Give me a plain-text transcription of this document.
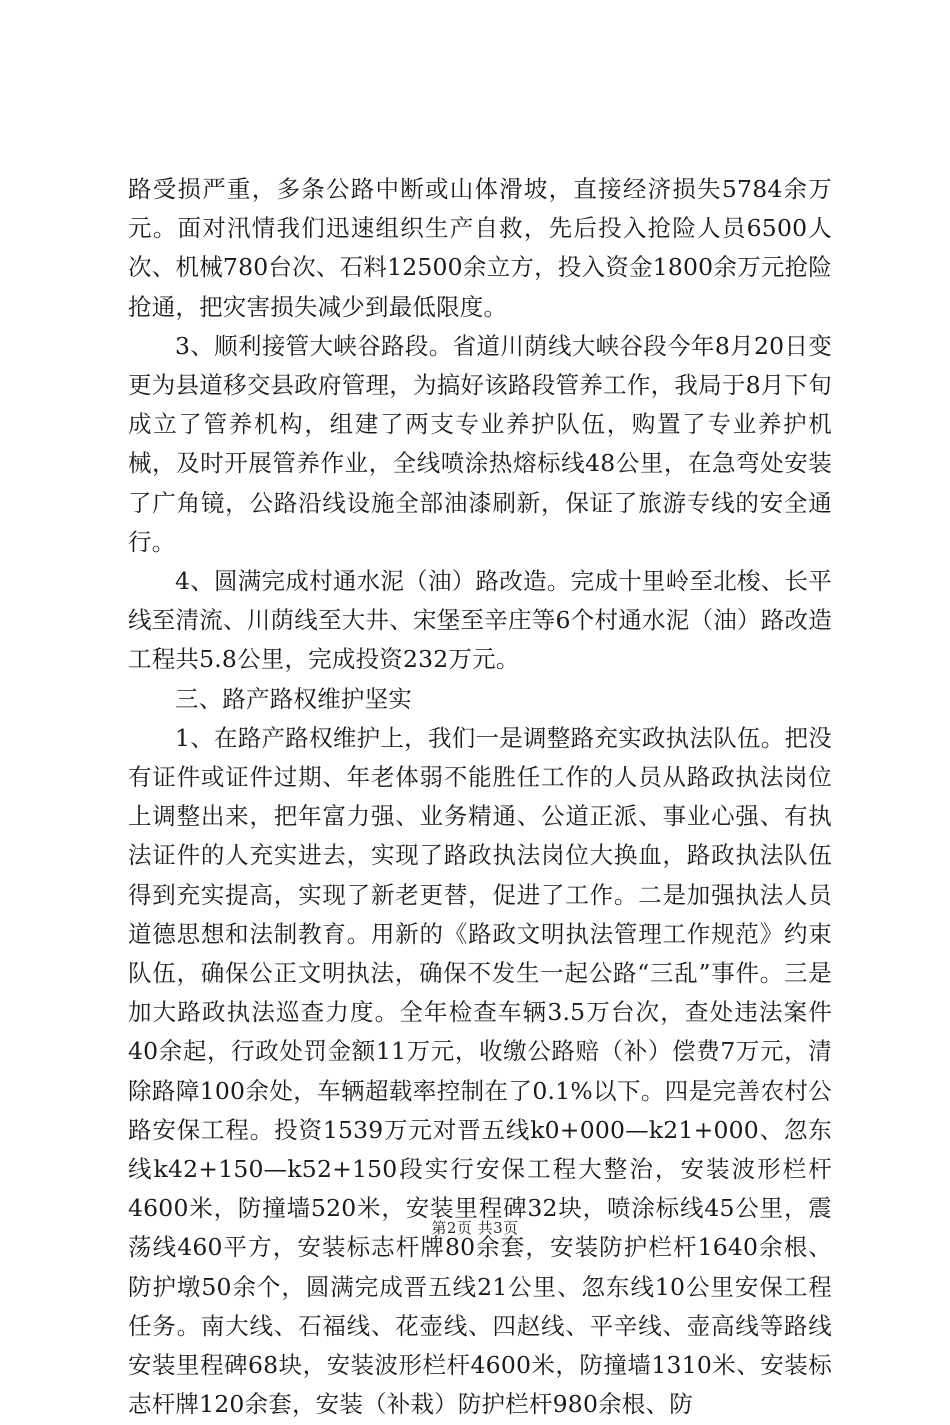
路受损严重，多条公路中断或山体滑坡，直接经济损失5784余万元。面对汛情我们迅速组织生产自救，先后投入抢险人员6500人次、机械780台次、石料12500余立方，投入资金1800余万元抢险抢通，把灾害损失减少到最低限度。

3、顺利接管大峡谷路段。省道川荫线大峡谷段今年8月20日变更为县道移交县政府管理，为搞好该路段管养工作，我局于8月下旬成立了管养机构，组建了两支专业养护队伍，购置了专业养护机械，及时开展管养作业，全线喷涂热熔标线48公里，在急弯处安装了广角镜，公路沿线设施全部油漆刷新，保证了旅游专线的安全通行。

4、圆满完成村通水泥（油）路改造。完成十里岭至北梭、长平线至清流、川荫线至大井、宋堡至辛庄等6个村通水泥（油）路改造工程共5.8公里，完成投资232万元。

三、路产路权维护坚实

1、在路产路权维护上，我们一是调整路充实政执法队伍。把没有证件或证件过期、年老体弱不能胜任工作的人员从路政执法岗位上调整出来，把年富力强、业务精通、公道正派、事业心强、有执法证件的人充实进去，实现了路政执法岗位大换血，路政执法队伍得到充实提高，实现了新老更替，促进了工作。二是加强执法人员道德思想和法制教育。用新的《路政文明执法管理工作规范》约束队伍，确保公正文明执法，确保不发生一起公路“三乱”事件。三是加大路政执法巡查力度。全年检查车辆3.5万台次，查处违法案件40余起，行政处罚金额11万元，收缴公路赔（补）偿费7万元，清除路障100余处，车辆超载率控制在了0.1%以下。四是完善农村公路安保工程。投资1539万元对晋五线k0+000—k21+000、忽东线k42+150—k52+150段实行安保工程大整治，安装波形栏杆4600米，防撞墙520米，安装里程碑32块，喷涂标线45公里，震荡线460平方，安装标志杆牌80余套，安装防护栏杆1640余根、防护墩50余个，圆满完成晋五线21公里、忽东线10公里安保工程任务。南大线、石福线、花壶线、四赵线、平辛线、壶高线等路线安装里程碑68块，安装波形栏杆4600米，防撞墙1310米、安装标志杆牌120余套，安装（补栽）防护栏杆980余根、防

第2页 共3页
